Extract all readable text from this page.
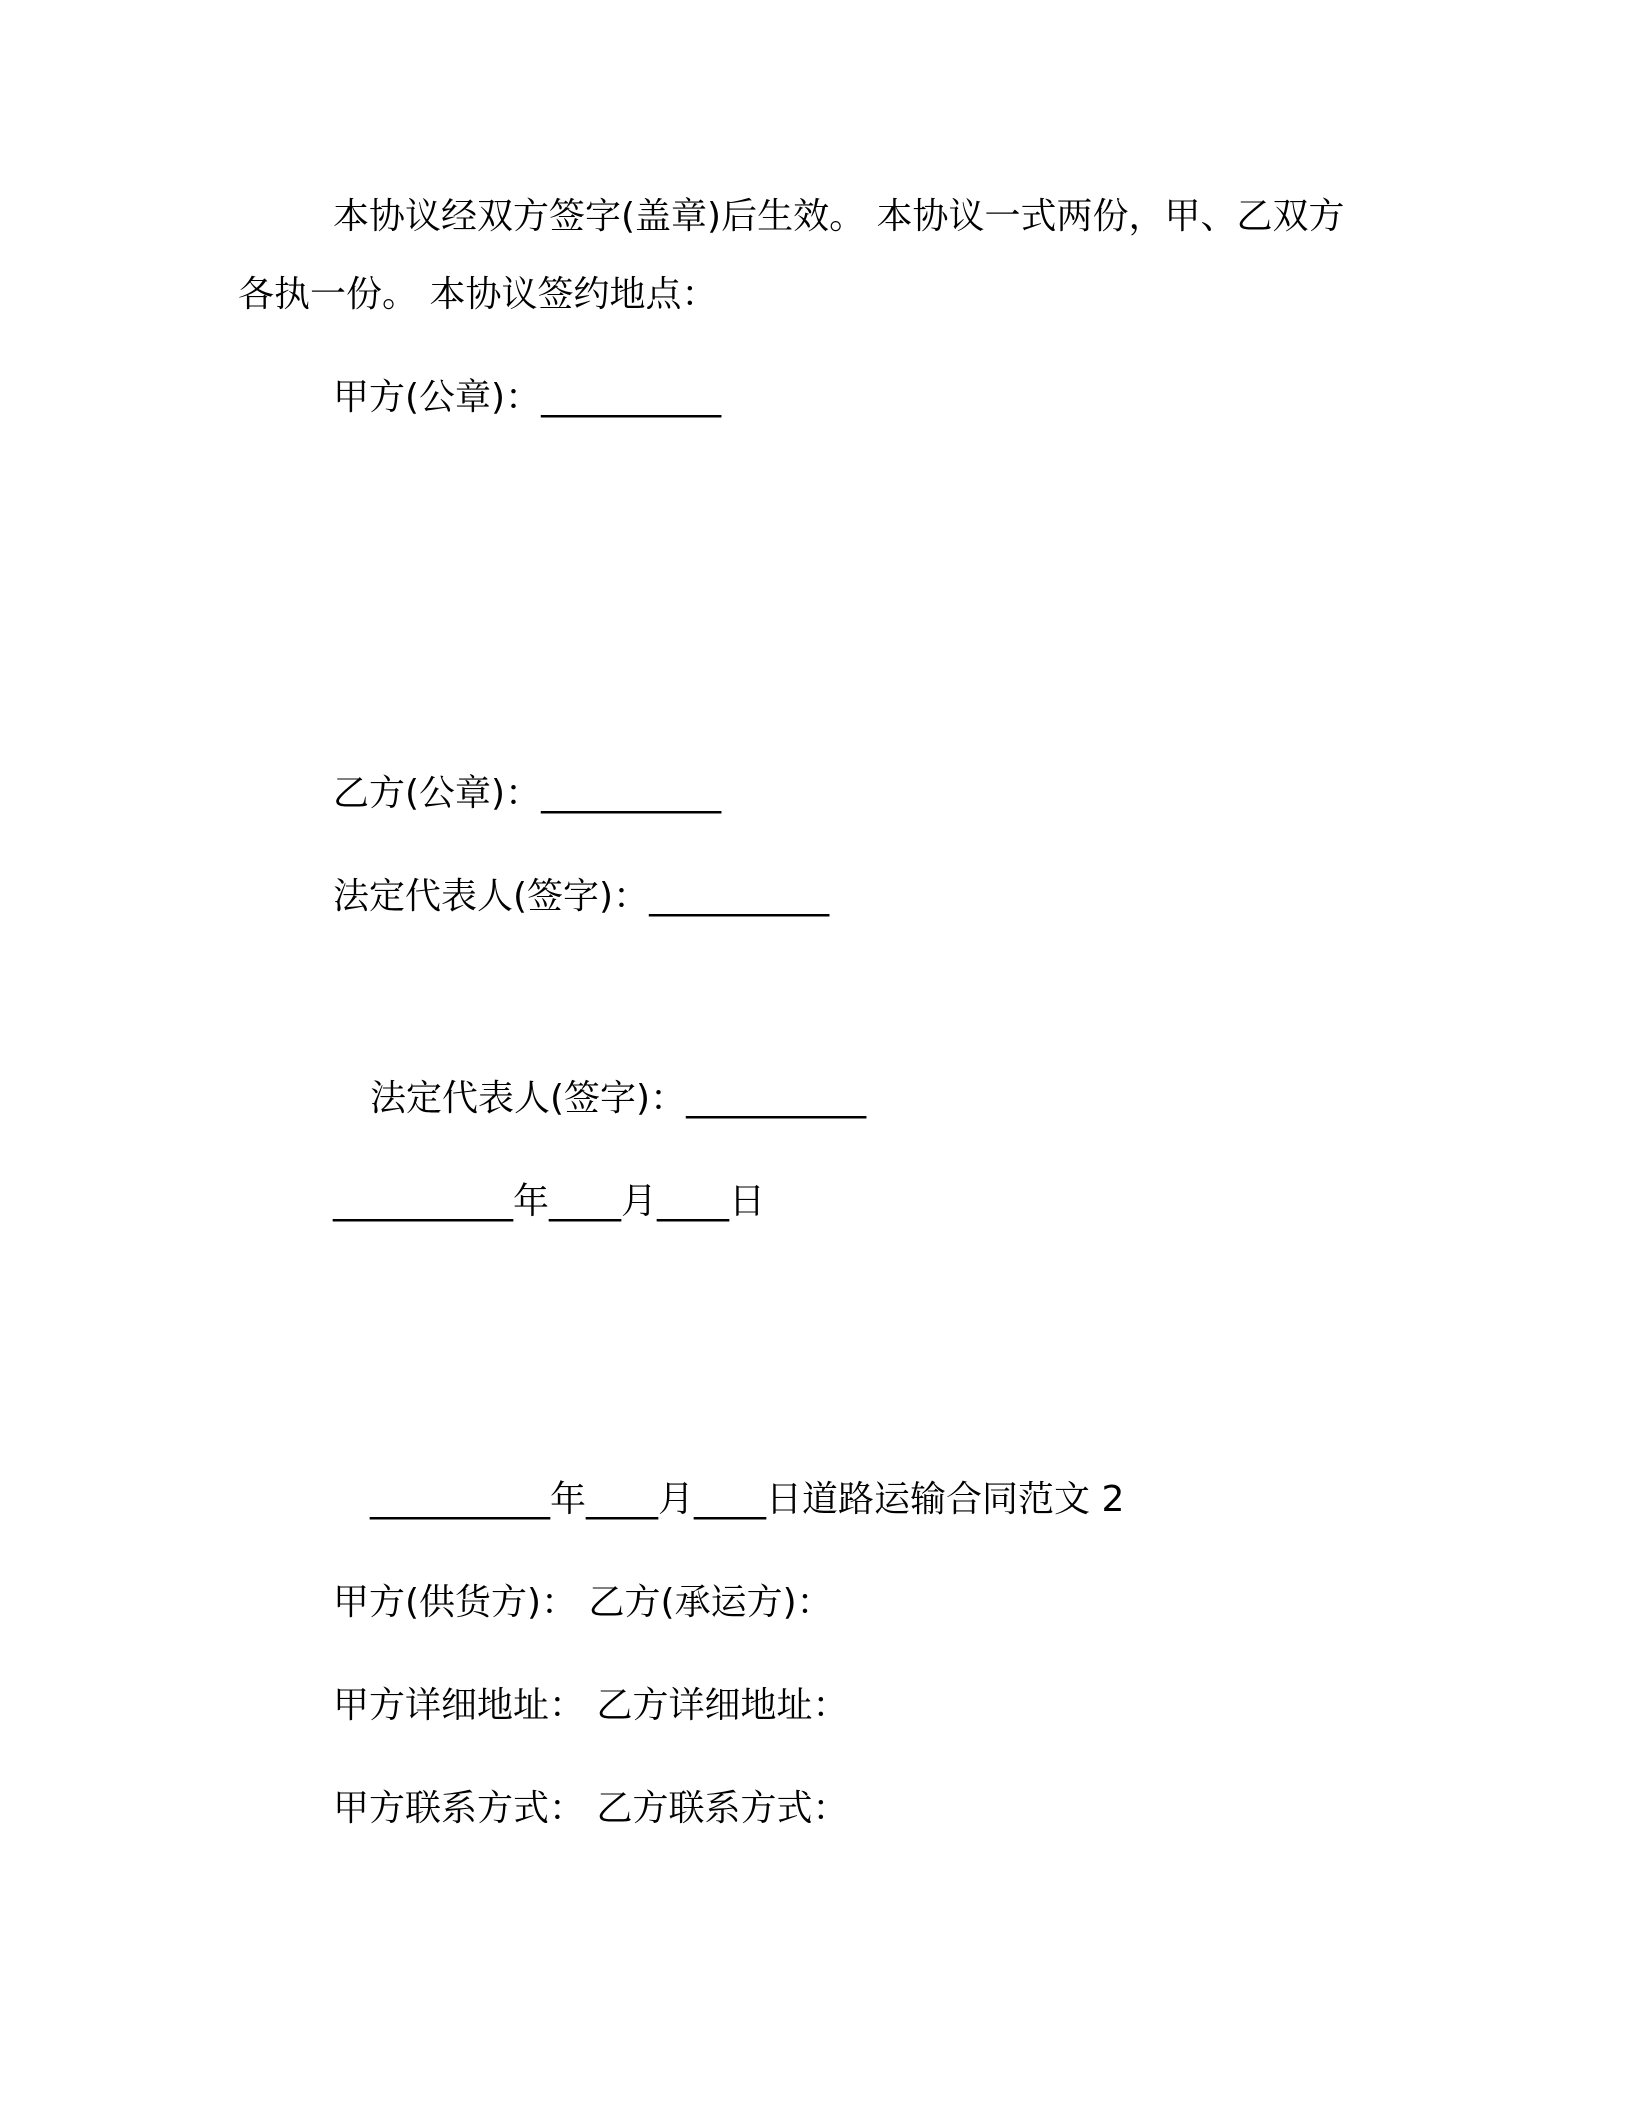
本协议经双方签字(盖章)后生效。 本协议一式两份，甲、乙双方
各执一份。 本协议签约地点：
甲方(公章)：__________
乙方(公章)：__________
法定代表人(签字)：__________
法定代表人(签字)：__________
__________年____月____日
__________年____月____日道路运输合同范文 2
甲方(供货方)： 乙方(承运方)：
甲方详细地址： 乙方详细地址：
甲方联系方式： 乙方联系方式：
